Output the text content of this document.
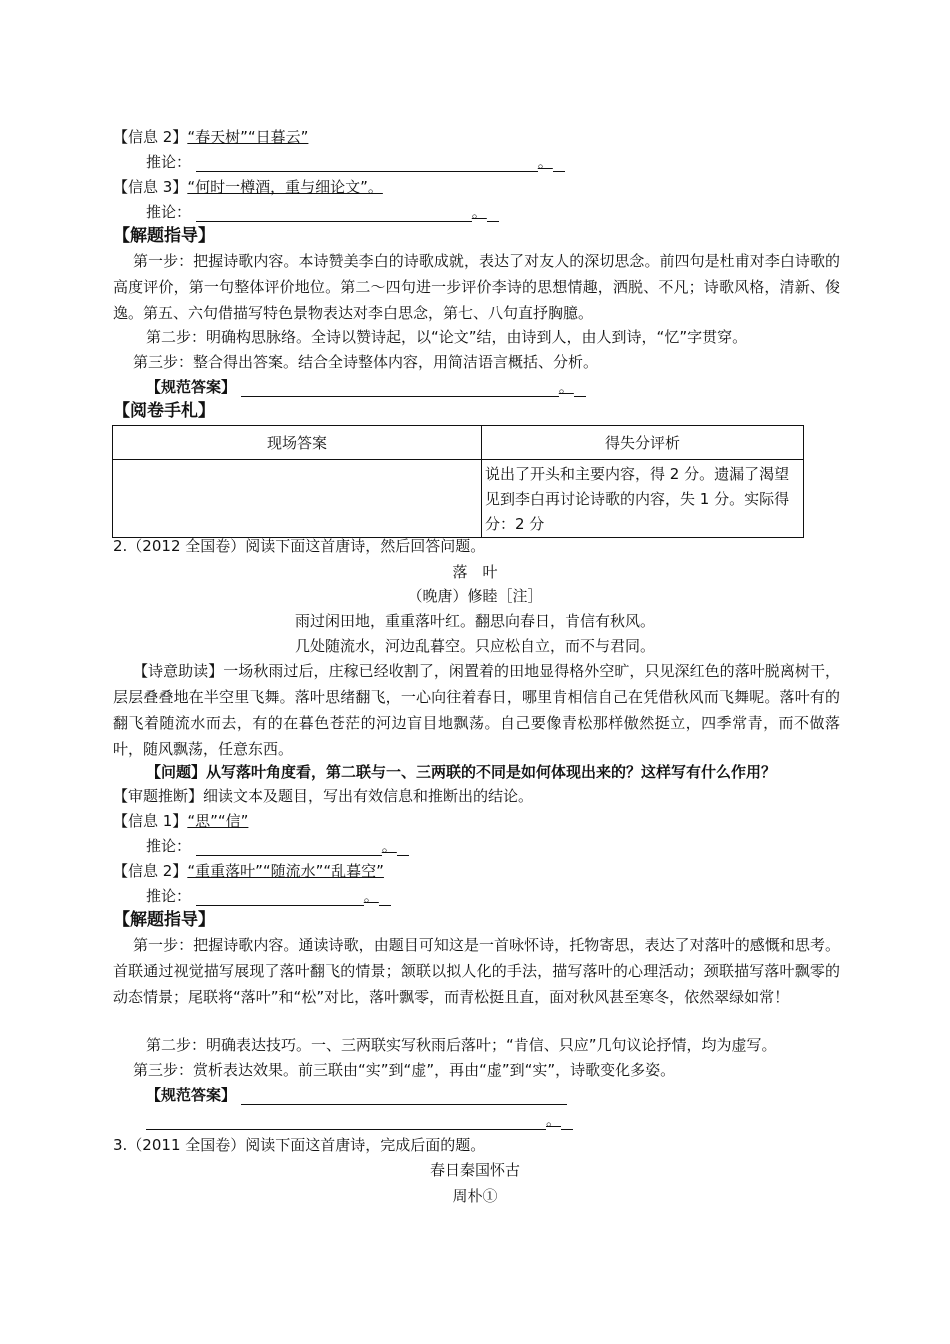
【信息 2】“春天树”“日暮云”
推论：	。
【信息 3】“何时一樽酒，重与细论文”。
推论：	。
【解题指导】
第一步：把握诗歌内容。本诗赞美李白的诗歌成就，表达了对友人的深切思念。前四句是杜甫对李白诗歌的高度评价，第一句整体评价地位。第二～四句进一步评价李诗的思想情趣，洒脱、不凡；诗歌风格，清新、俊逸。第五、六句借描写特色景物表达对李白思念，第七、八句直抒胸臆。
第二步：明确构思脉络。全诗以赞诗起，以“论文”结，由诗到人，由人到诗，“忆”字贯穿。
第三步：整合得出答案。结合全诗整体内容，用简洁语言概括、分析。
【规范答案】	。
【阅卷手札】
现场答案	得失分评析
	说出了开头和主要内容，得 2 分。遗漏了渴望见到李白再讨论诗歌的内容，失 1 分。实际得分：2 分
2.（2012 全国卷）阅读下面这首唐诗，然后回答问题。
落　叶
（晚唐）修睦［注］
雨过闲田地，重重落叶红。翻思向春日，肯信有秋风。
几处随流水，河边乱暮空。只应松自立，而不与君同。
【诗意助读】一场秋雨过后，庄稼已经收割了，闲置着的田地显得格外空旷，只见深红色的落叶脱离树干，层层叠叠地在半空里飞舞。落叶思绪翻飞，一心向往着春日，哪里肯相信自己在凭借秋风而飞舞呢。落叶有的翻飞着随流水而去，有的在暮色苍茫的河边盲目地飘荡。自己要像青松那样傲然挺立，四季常青，而不做落叶，随风飘荡，任意东西。
【问题】从写落叶角度看，第二联与一、三两联的不同是如何体现出来的？这样写有什么作用？
【审题推断】细读文本及题目，写出有效信息和推断出的结论。
【信息 1】“思”“信”
推论：	。
【信息 2】“重重落叶”“随流水”“乱暮空”
推论：	。
【解题指导】
第一步：把握诗歌内容。通读诗歌，由题目可知这是一首咏怀诗，托物寄思，表达了对落叶的感慨和思考。首联通过视觉描写展现了落叶翻飞的情景；颔联以拟人化的手法，描写落叶的心理活动；颈联描写落叶飘零的动态情景；尾联将“落叶”和“松”对比，落叶飘零，而青松挺且直，面对秋风甚至寒冬，依然翠绿如常！
第二步：明确表达技巧。一、三两联实写秋雨后落叶；“肯信、只应”几句议论抒情，均为虚写。
第三步：赏析表达效果。前三联由“实”到“虚”，再由“虚”到“实”，诗歌变化多姿。
【规范答案】
。
3.（2011 全国卷）阅读下面这首唐诗，完成后面的题。
春日秦国怀古
周朴①
